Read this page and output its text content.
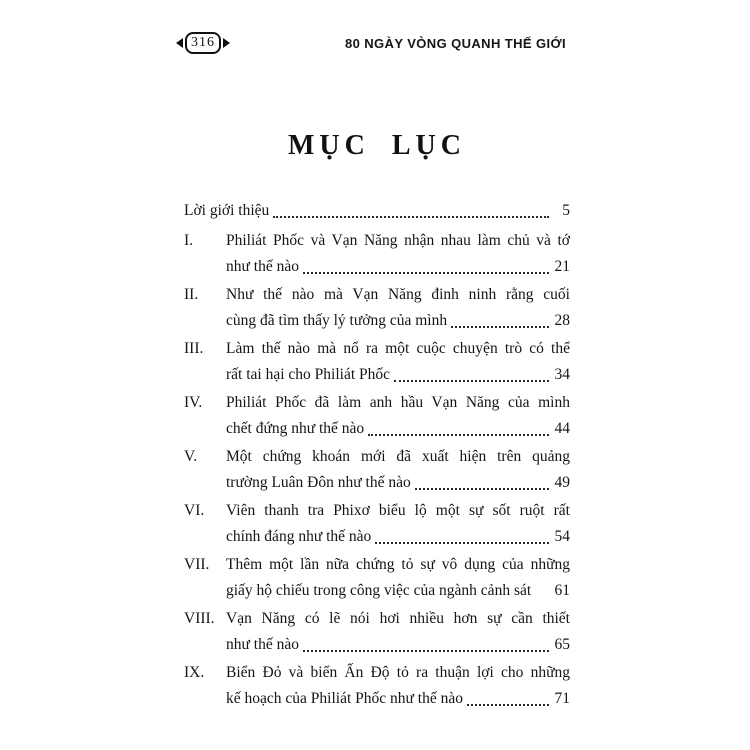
316	80 NGÀY VÒNG QUANH THẾ GIỚI
MỤC LỤC
Lời giới thiệu	5
I.	Philiát Phốc và Vạn Năng nhận nhau làm chủ và tớ
như thế nào	21
II.	Như thế nào mà Vạn Năng đinh ninh rằng cuối
cùng đã tìm thấy lý tưởng của mình	28
III.	Làm thế nào mà nổ ra một cuộc chuyện trò có thể
rất tai hại cho Philiát Phốc	34
IV.	Philiát Phốc đã làm anh hầu Vạn Năng của mình
chết đứng như thế nào	44
V.	Một chứng khoán mới đã xuất hiện trên quảng
trường Luân Đôn như thế nào	49
VI.	Viên thanh tra Phixơ biểu lộ một sự sốt ruột rất
chính đáng như thế nào	54
VII.	Thêm một lần nữa chứng tỏ sự vô dụng của những
giấy hộ chiếu trong công việc của ngành cảnh sát 61
VIII. Vạn Năng có lẽ nói hơi nhiều hơn sự cần thiết
như thế nào	65
IX.	Biển Đỏ và biển Ấn Độ tỏ ra thuận lợi cho những
kế hoạch của Philiát Phốc như thế nào	71
